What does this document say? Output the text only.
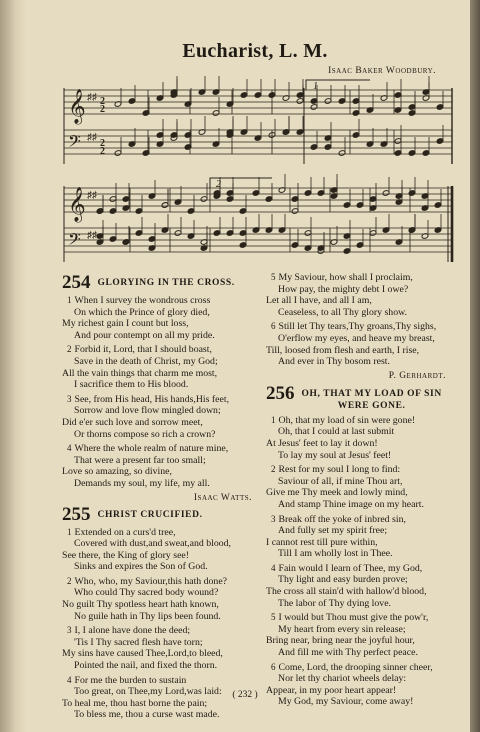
Eucharist, L. M.
Isaac Baker Woodbury.
1
2
𝄞
𝄢
𝄞
𝄢
♯♯ 2
2
♯♯
2
2
♯♯
♯♯
254 GLORYING IN THE CROSS.
1 When I survey the wondrous cross
On which the Prince of glory died,
My richest gain I count but loss,
And pour contempt on all my pride.
2 Forbid it, Lord, that I should boast,
Save in the death of Christ, my God;
All the vain things that charm me most,
I sacrifice them to His blood.
3 See, from His head, His hands,His feet,
Sorrow and love flow mingled down;
Did e'er such love and sorrow meet,
Or thorns compose so rich a crown?
4 Where the whole realm of nature mine,
That were a present far too small;
Love so amazing, so divine,
Demands my soul, my life, my all.
Isaac Watts.
255 CHRIST CRUCIFIED.
1 Extended on a curs'd tree,
Covered with dust,and sweat,and blood,
See there, the King of glory see!
Sinks and expires the Son of God.
2 Who, who, my Saviour,this hath done?
Who could Thy sacred body wound?
No guilt Thy spotless heart hath known,
No guile hath in Thy lips been found.
3 I, I alone have done the deed;
'Tis I Thy sacred flesh have torn;
My sins have caused Thee,Lord,to bleed,
Pointed the nail, and fixed the thorn.
4 For me the burden to sustain
Too great, on Thee,my Lord,was laid:
To heal me, thou hast borne the pain;
To bless me, thou a curse wast made.
5 My Saviour, how shall I proclaim,
How pay, the mighty debt I owe?
Let all I have, and all I am,
Ceaseless, to all Thy glory show.
6 Still let Thy tears,Thy groans,Thy sighs,
O'erflow my eyes, and heave my breast,
Till, loosed from flesh and earth, I rise,
And ever in Thy bosom rest.
P. Gerhardt.
256 OH, THAT MY LOAD OF SIN
WERE GONE.
1 Oh, that my load of sin were gone!
Oh, that I could at last submit
At Jesus' feet to lay it down!
To lay my soul at Jesus' feet!
2 Rest for my soul I long to find:
Saviour of all, if mine Thou art,
Give me Thy meek and lowly mind,
And stamp Thine image on my heart.
3 Break off the yoke of inbred sin,
And fully set my spirit free;
I cannot rest till pure within,
Till I am wholly lost in Thee.
4 Fain would I learn of Thee, my God,
Thy light and easy burden prove;
The cross all stain'd with hallow'd blood,
The labor of Thy dying love.
5 I would but Thou must give the pow'r,
My heart from every sin release;
Bring near, bring near the joyful hour,
And fill me with Thy perfect peace.
6 Come, Lord, the drooping sinner cheer,
Nor let thy chariot wheels delay:
Appear, in my poor heart appear!
My God, my Saviour, come away!
( 232 )
